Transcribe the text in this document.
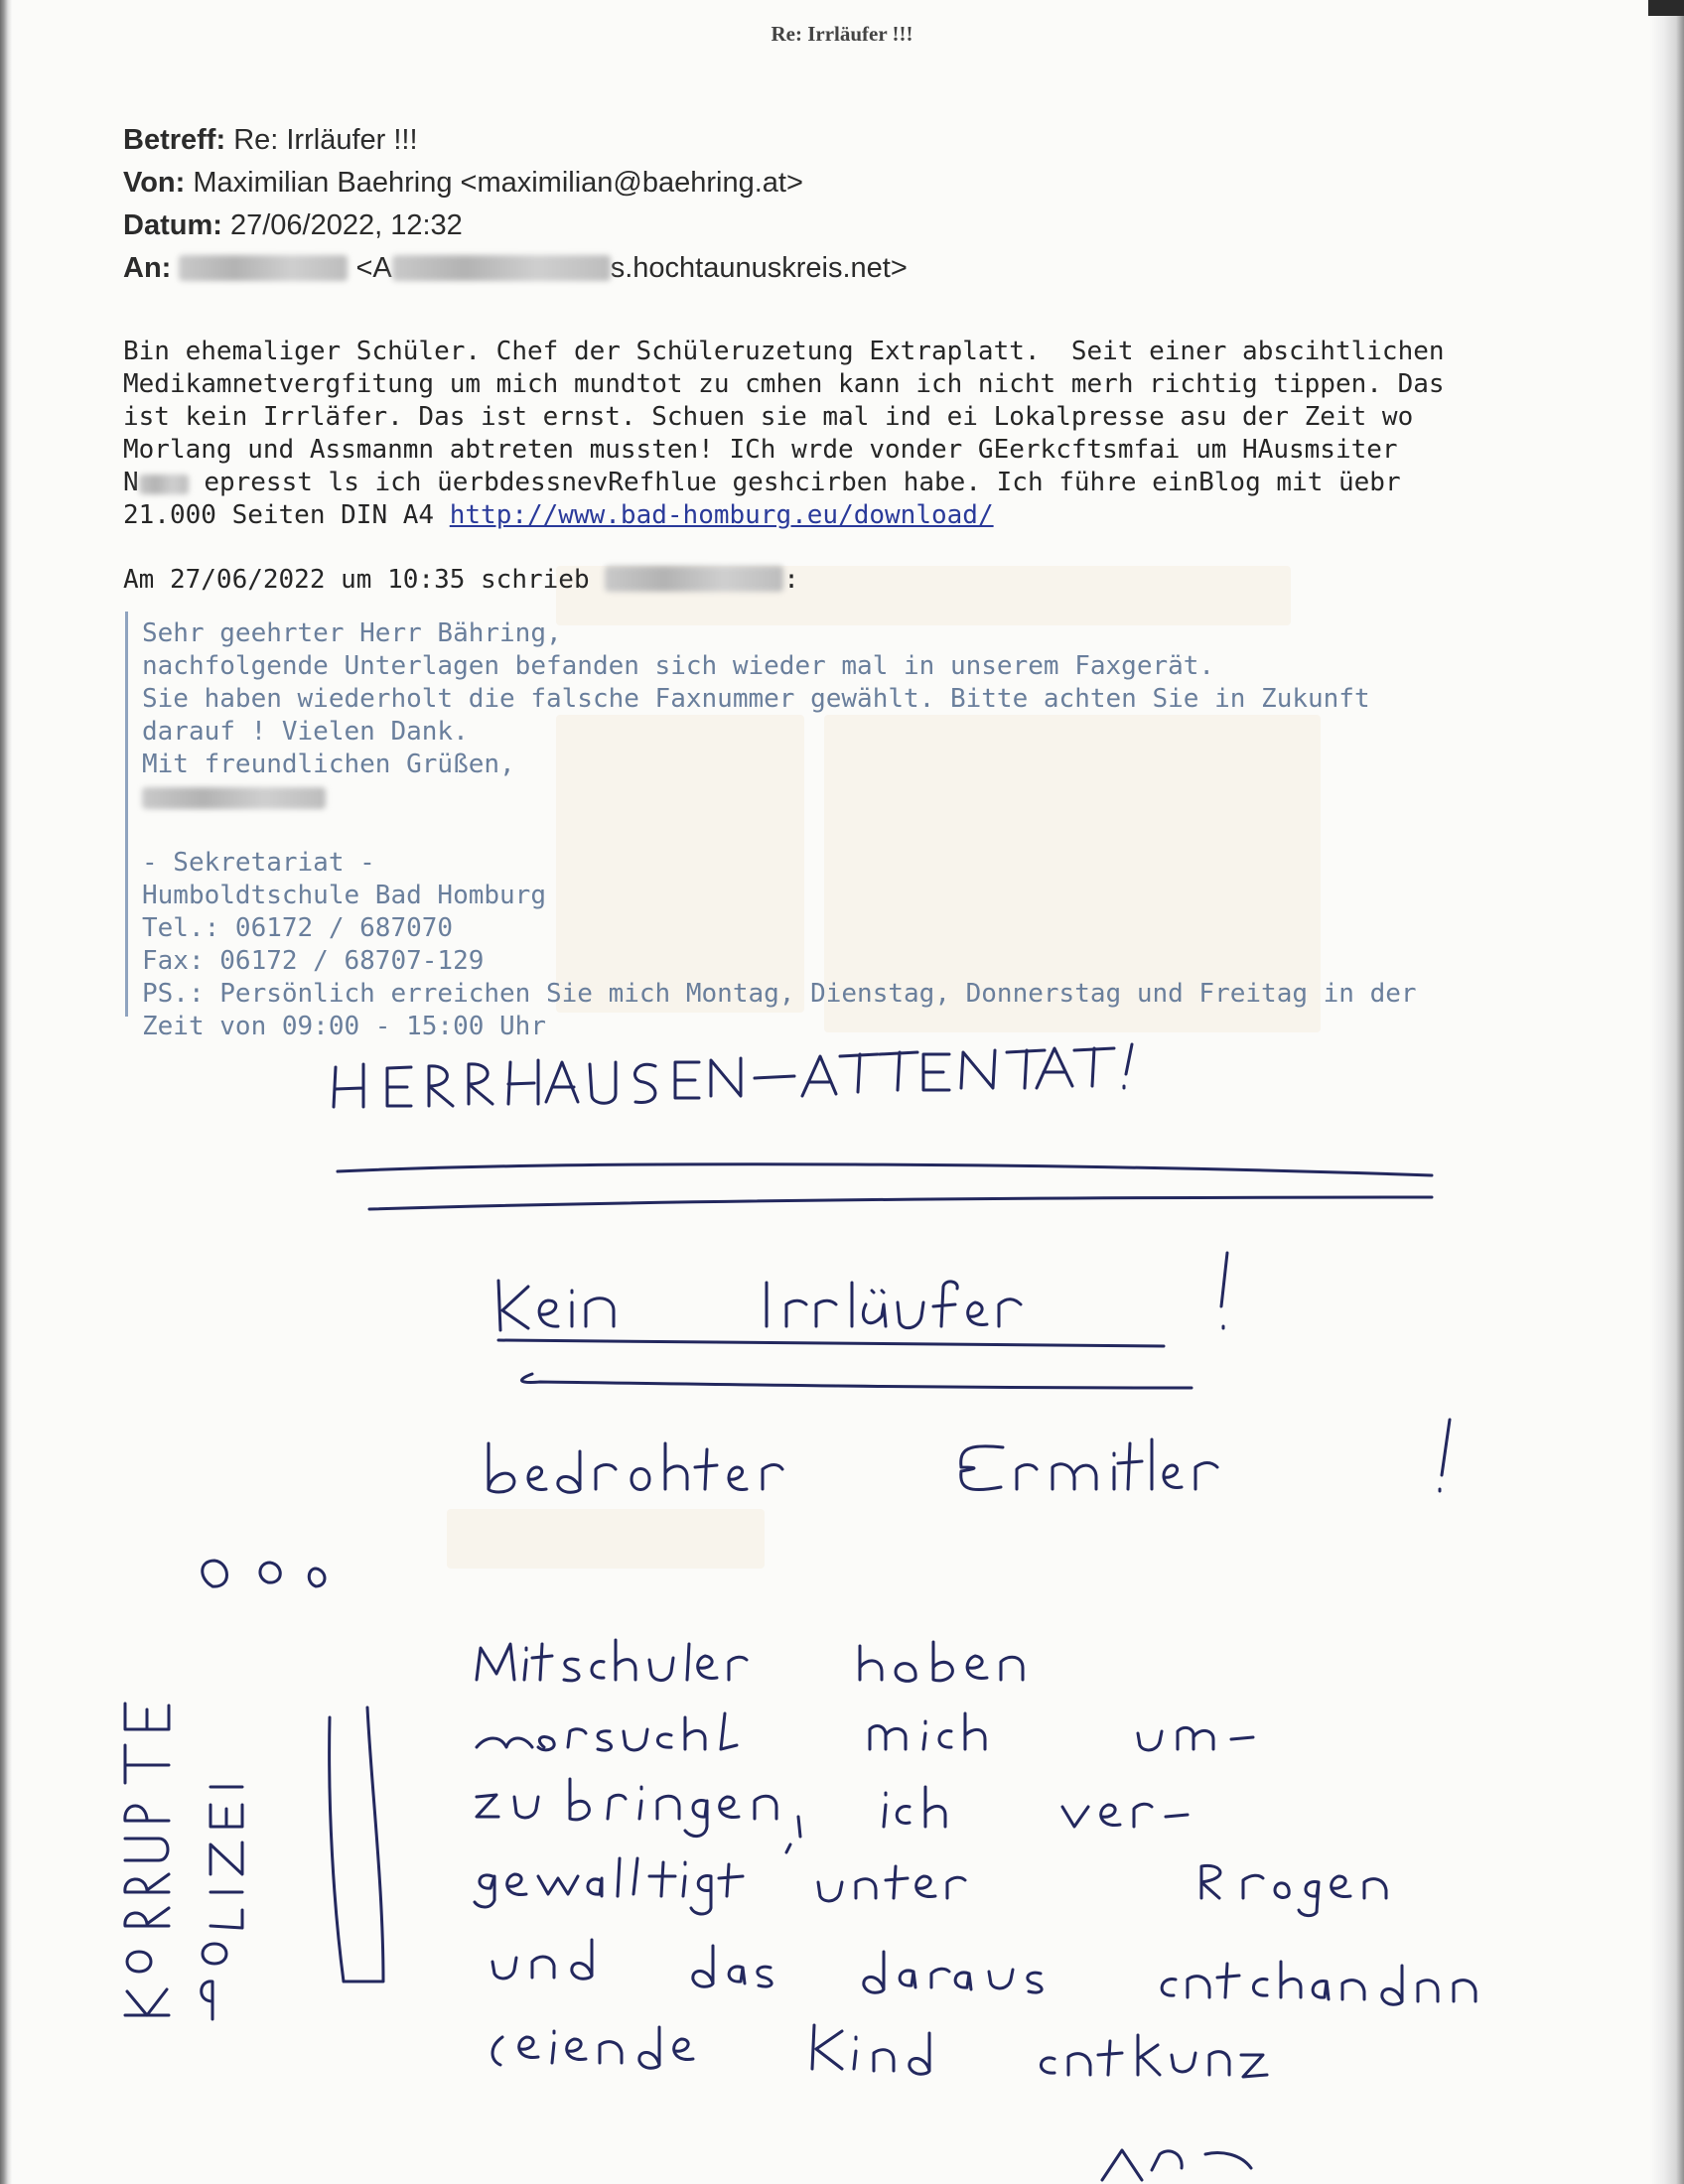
Re: Irrläufer !!!
Betreff: Re: Irrläufer !!!
Von: Maximilian Baehring <maximilian@baehring.at>
Datum: 27/06/2022, 12:32
An:	<A	s.hochtaunuskreis.net>
Bin ehemaliger Schüler. Chef der Schüleruzetung Extraplatt.  Seit einer abscihtlichen
Medikamnetvergfitung um mich mundtot zu cmhen kann ich nicht merh richtig tippen. Das
ist kein Irrläfer. Das ist ernst. Schuen sie mal ind ei Lokalpresse asu der Zeit wo
Morlang und Assmanmn abtreten mussten! ICh wrde vonder GEerkcftsmfai um HAusmsiter
N	epresst ls ich üerbdessnevRefhlue geshcirben habe. Ich führe einBlog mit üebr
21.000 Seiten DIN A4 http://www.bad-homburg.eu/download/
Am 27/06/2022 um 10:35 schrieb	:
Sehr geehrter Herr Bähring,
nachfolgende Unterlagen befanden sich wieder mal in unserem Faxgerät.
Sie haben wiederholt die falsche Faxnummer gewählt. Bitte achten Sie in Zukunft
darauf ! Vielen Dank.
Mit freundlichen Grüßen,

- Sekretariat -
Humboldtschule Bad Homburg
Tel.: 06172 / 687070
Fax: 06172 / 68707-129
PS.: Persönlich erreichen Sie mich Montag, Dienstag, Donnerstag und Freitag in der
Zeit von 09:00 - 15:00 Uhr
